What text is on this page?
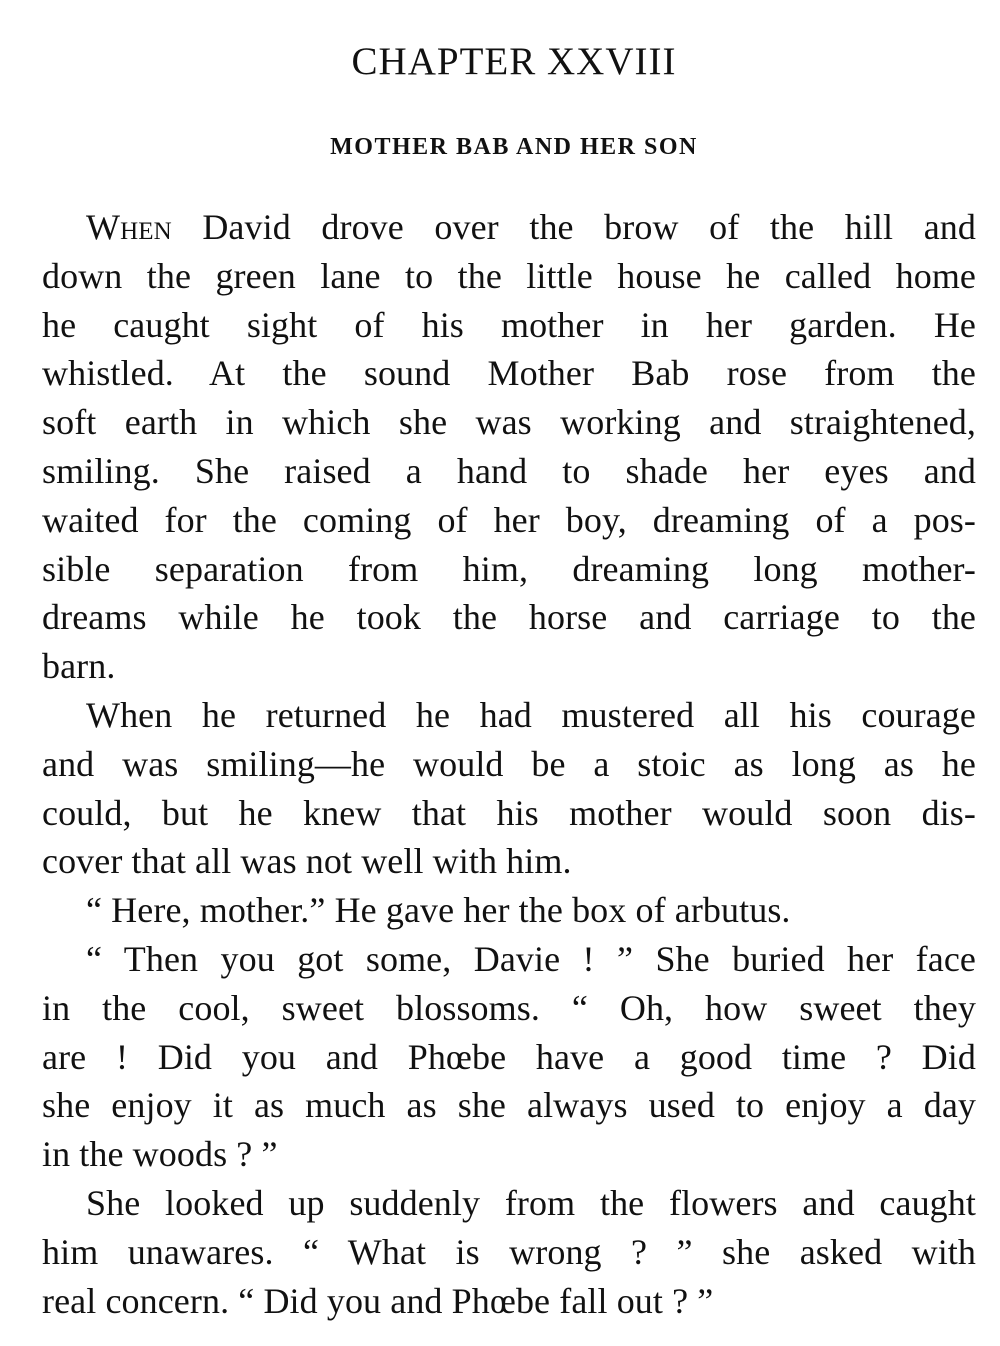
CHAPTER XXVIII
MOTHER BAB AND HER SON
When David drove over the brow of the hill and
down the green lane to the little house he called home
he caught sight of his mother in her garden. He
whistled. At the sound Mother Bab rose from the
soft earth in which she was working and straightened,
smiling. She raised a hand to shade her eyes and
waited for the coming of her boy, dreaming of a pos-
sible separation from him, dreaming long mother-
dreams while he took the horse and carriage to the
barn.
When he returned he had mustered all his courage
and was smiling—he would be a stoic as long as he
could, but he knew that his mother would soon dis-
cover that all was not well with him.
“ Here, mother.” He gave her the box of arbutus.
“ Then you got some, Davie ! ” She buried her face
in the cool, sweet blossoms. “ Oh, how sweet they
are ! Did you and Phœbe have a good time ? Did
she enjoy it as much as she always used to enjoy a day
in the woods ? ”
She looked up suddenly from the flowers and caught
him unawares. “ What is wrong ? ” she asked with
real concern. “ Did you and Phœbe fall out ? ”
